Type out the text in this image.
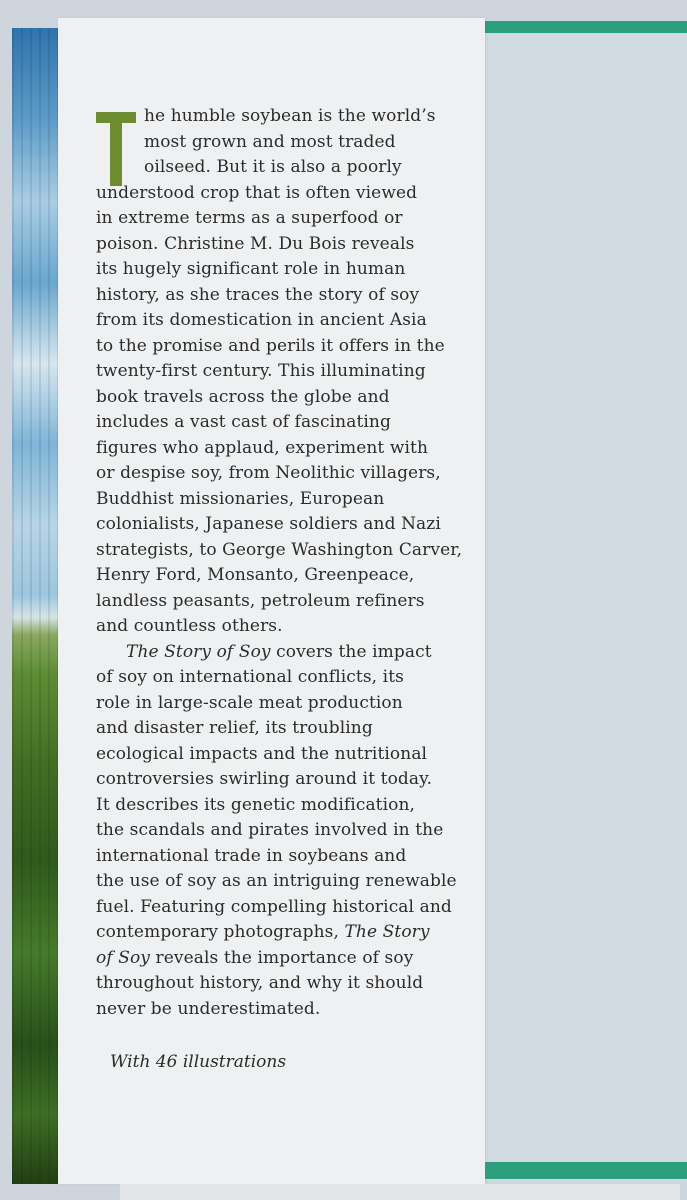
he humble soybean is the world’s
most grown and most traded
oilseed. But it is also a poorly
understood crop that is often viewed
in extreme terms as a superfood or
poison. Christine M. Du Bois reveals
its hugely significant role in human
history, as she traces the story of soy
from its domestication in ancient Asia
to the promise and perils it offers in the
twenty-first century. This illuminating
book travels across the globe and
includes a vast cast of fascinating
figures who applaud, experiment with
or despise soy, from Neolithic villagers,
Buddhist missionaries, European
colonialists, Japanese soldiers and Nazi
strategists, to George Washington Carver,
Henry Ford, Monsanto, Greenpeace,
landless peasants, petroleum refiners
and countless others.
The Story of Soy covers the impact
of soy on international conflicts, its
role in large-scale meat production
and disaster relief, its troubling
ecological impacts and the nutritional
controversies swirling around it today.
It describes its genetic modification,
the scandals and pirates involved in the
international trade in soybeans and
the use of soy as an intriguing renewable
fuel. Featuring compelling historical and
contemporary photographs, The Story
of Soy reveals the importance of soy
throughout history, and why it should
never be underestimated.
With 46 illustrations
